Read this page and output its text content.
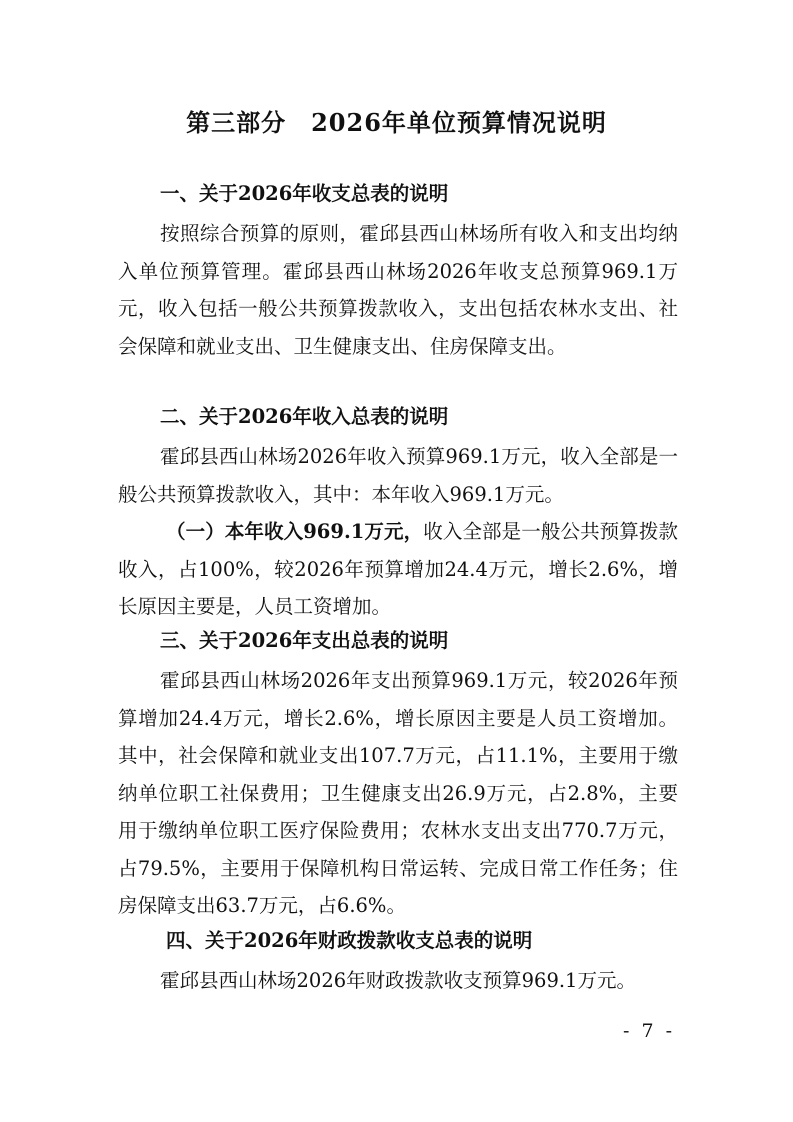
第三部分　2026年单位预算情况说明
一、关于2026年收支总表的说明
按照综合预算的原则，霍邱县西山林场所有收入和支出均纳入单位预算管理。霍邱县西山林场2026年收支总预算969.1万元，收入包括一般公共预算拨款收入，支出包括农林水支出、社会保障和就业支出、卫生健康支出、住房保障支出。
二、关于2026年收入总表的说明
霍邱县西山林场2026年收入预算969.1万元，收入全部是一般公共预算拨款收入，其中：本年收入969.1万元。
（一）本年收入969.1万元，收入全部是一般公共预算拨款收入，占100%，较2026年预算增加24.4万元，增长2.6%，增长原因主要是，人员工资增加。
三、关于2026年支出总表的说明
霍邱县西山林场2026年支出预算969.1万元，较2026年预算增加24.4万元，增长2.6%，增长原因主要是人员工资增加。其中，社会保障和就业支出107.7万元，占11.1%，主要用于缴纳单位职工社保费用；卫生健康支出26.9万元，占2.8%，主要用于缴纳单位职工医疗保险费用；农林水支出支出770.7万元，占79.5%，主要用于保障机构日常运转、完成日常工作任务；住房保障支出63.7万元，占6.6%。
四、关于2026年财政拨款收支总表的说明
霍邱县西山林场2026年财政拨款收支预算969.1万元。
- 7 -
